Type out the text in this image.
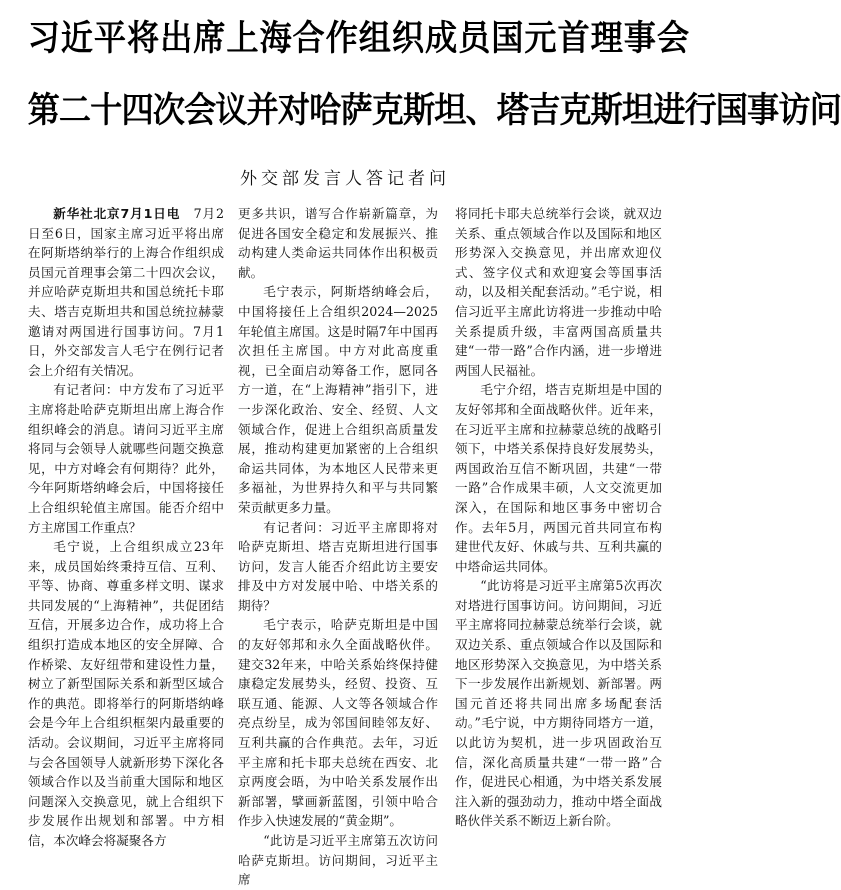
习近平将出席上海合作组织成员国元首理事会
第二十四次会议并对哈萨克斯坦、塔吉克斯坦进行国事访问
外交部发言人答记者问

新华社北京7月1日电　 7月2日至6日，国家主席习近平将出席在阿斯塔纳举行的上海合作组织成员国元首理事会第二十四次会议，并应哈萨克斯坦共和国总统托卡耶夫、塔吉克斯坦共和国总统拉赫蒙邀请对两国进行国事访问。7月1日，外交部发言人毛宁在例行记者会上介绍有关情况。

有记者问：中方发布了习近平主席将赴哈萨克斯坦出席上海合作组织峰会的消息。请问习近平主席将同与会领导人就哪些问题交换意见，中方对峰会有何期待？此外，今年阿斯塔纳峰会后，中国将接任上合组织轮值主席国。能否介绍中方主席国工作重点？

毛宁说，上合组织成立23年来，成员国始终秉持互信、互利、平等、协商、尊重多样文明、谋求共同发展的“上海精神”，共促团结互信，开展多边合作，成功将上合组织打造成本地区的安全屏障、合作桥梁、友好纽带和建设性力量，树立了新型国际关系和新型区域合作的典范。即将举行的阿斯塔纳峰会是今年上合组织框架内最重要的活动。会议期间，习近平主席将同与会各国领导人就新形势下深化各领域合作以及当前重大国际和地区问题深入交换意见，就上合组织下步发展作出规划和部署。中方相信，本次峰会将凝聚各方

更多共识，谱写合作崭新篇章，为促进各国安全稳定和发展振兴、推动构建人类命运共同体作出积极贡献。

毛宁表示，阿斯塔纳峰会后，中国将接任上合组织2024—2025年轮值主席国。这是时隔7年中国再次担任主席国。中方对此高度重视，已全面启动筹备工作，愿同各方一道，在“上海精神”指引下，进一步深化政治、安全、经贸、人文领域合作，促进上合组织高质量发展，推动构建更加紧密的上合组织命运共同体，为本地区人民带来更多福祉，为世界持久和平与共同繁荣贡献更多力量。

有记者问：习近平主席即将对哈萨克斯坦、塔吉克斯坦进行国事访问，发言人能否介绍此访主要安排及中方对发展中哈、中塔关系的期待？

毛宁表示，哈萨克斯坦是中国的友好邻邦和永久全面战略伙伴。建交32年来，中哈关系始终保持健康稳定发展势头，经贸、投资、互联互通、能源、人文等各领域合作亮点纷呈，成为邻国间睦邻友好、互利共赢的合作典范。去年，习近平主席和托卡耶夫总统在西安、北京两度会晤，为中哈关系发展作出新部署，擘画新蓝图，引领中哈合作步入快速发展的“黄金期”。

“此访是习近平主席第五次访问哈萨克斯坦。访问期间，习近平主席

将同托卡耶夫总统举行会谈，就双边关系、重点领域合作以及国际和地区形势深入交换意见，并出席欢迎仪式、签字仪式和欢迎宴会等国事活动，以及相关配套活动。”毛宁说，相信习近平主席此访将进一步推动中哈关系提质升级，丰富两国高质量共建“一带一路”合作内涵，进一步增进两国人民福祉。

毛宁介绍，塔吉克斯坦是中国的友好邻邦和全面战略伙伴。近年来，在习近平主席和拉赫蒙总统的战略引领下，中塔关系保持良好发展势头，两国政治互信不断巩固，共建“一带一路”合作成果丰硕，人文交流更加深入，在国际和地区事务中密切合作。去年5月，两国元首共同宣布构建世代友好、休戚与共、互利共赢的中塔命运共同体。

“此访将是习近平主席第5次再次对塔进行国事访问。访问期间，习近平主席将同拉赫蒙总统举行会谈，就双边关系、重点领域合作以及国际和地区形势深入交换意见，为中塔关系下一步发展作出新规划、新部署。两国元首还将共同出席多场配套活动。”毛宁说，中方期待同塔方一道，以此访为契机，进一步巩固政治互信，深化高质量共建“一带一路”合作，促进民心相通，为中塔关系发展注入新的强劲动力，推动中塔全面战略伙伴关系不断迈上新台阶。
